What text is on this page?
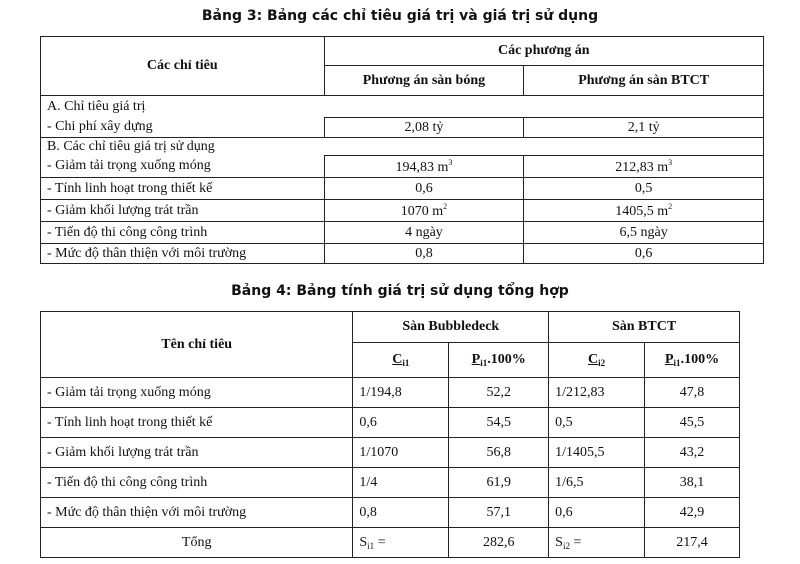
Bảng 3: Bảng các chỉ tiêu giá trị và giá trị sử dụng
Các chỉ tiêu	Các phương án	
	Phương án sàn bóng	Phương án sàn BTCT
A. Chỉ tiêu giá trị		
- Chi phí xây dựng	2,08 tỷ	2,1 tỷ
B. Các chỉ tiêu giá trị sử dụng		
- Giảm tải trọng xuống móng	194,83 $m^3$	212,83 $m^3$
- Tính linh hoạt trong thiết kế	0,6	0,5
- Giảm khối lượng trát trần	1070 $m^2$	1405,5 $m^2$
- Tiến độ thi công công trình	4 ngày	6,5 ngày
- Mức độ thân thiện với môi trường	0,8	0,6
Bảng 4: Bảng tính giá trị sử dụng tổng hợp
Tên chỉ tiêu	Sàn Bubbledeck		Sàn BTCT	
	$C_{i1}$	$P_{i1}.100\%$	$C_{i2}$	$P_{i1}.100\%$
- Giảm tải trọng xuống móng	1/194,8	52,2	1/212,83	47,8
- Tính linh hoạt trong thiết kế	0,6	54,5	0,5	45,5
- Giảm khối lượng trát trần	1/1070	56,8	1/1405,5	43,2
- Tiến độ thi công công trình	1/4	61,9	1/6,5	38,1
- Mức độ thân thiện với môi trường	0,8	57,1	0,6	42,9
Tổng	$S_{i1}$ =	282,6	$S_{i2}$ =	217,4
